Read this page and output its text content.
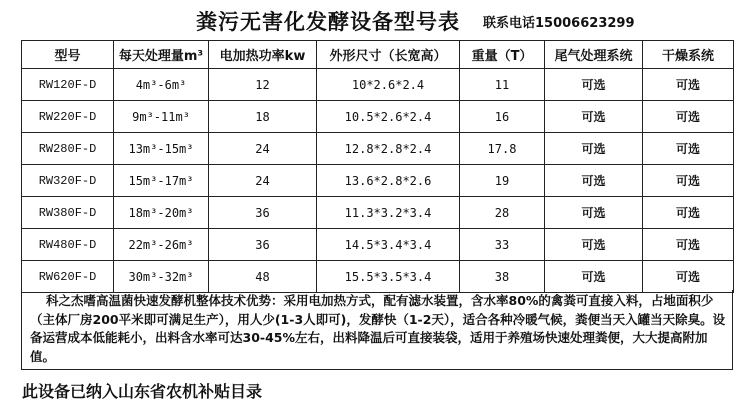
粪污无害化发酵设备型号表 联系电话15006623299
型号	每天处理量m³	电加热功率kw	外形尺寸（长宽高）	重量（T）	尾气处理系统	干燥系统
RW120F-D	4m³-6m³	12	10*2.6*2.4	11	可选	可选
RW220F-D	9m³-11m³	18	10.5*2.6*2.4	16	可选	可选
RW280F-D	13m³-15m³	24	12.8*2.8*2.4	17.8	可选	可选
RW320F-D	15m³-17m³	24	13.6*2.8*2.6	19	可选	可选
RW380F-D	18m³-20m³	36	11.3*3.2*3.4	28	可选	可选
RW480F-D	22m³-26m³	36	14.5*3.4*3.4	33	可选	可选
RW620F-D	30m³-32m³	48	15.5*3.5*3.4	38	可选	可选
科之杰嗜高温菌快速发酵机整体技术优势：采用电加热方式，配有滤水装置，含水率80%的禽粪可直接入料，占地面积少（主体厂房200平米即可满足生产），用人少(1-3人即可)，发酵快（1-2天），适合各种冷暖气候，粪便当天入罐当天除臭。设备运营成本低能耗小，出料含水率可达30-45%左右，出料降温后可直接装袋，适用于养殖场快速处理粪便，大大提高附加值。
此设备已纳入山东省农机补贴目录
